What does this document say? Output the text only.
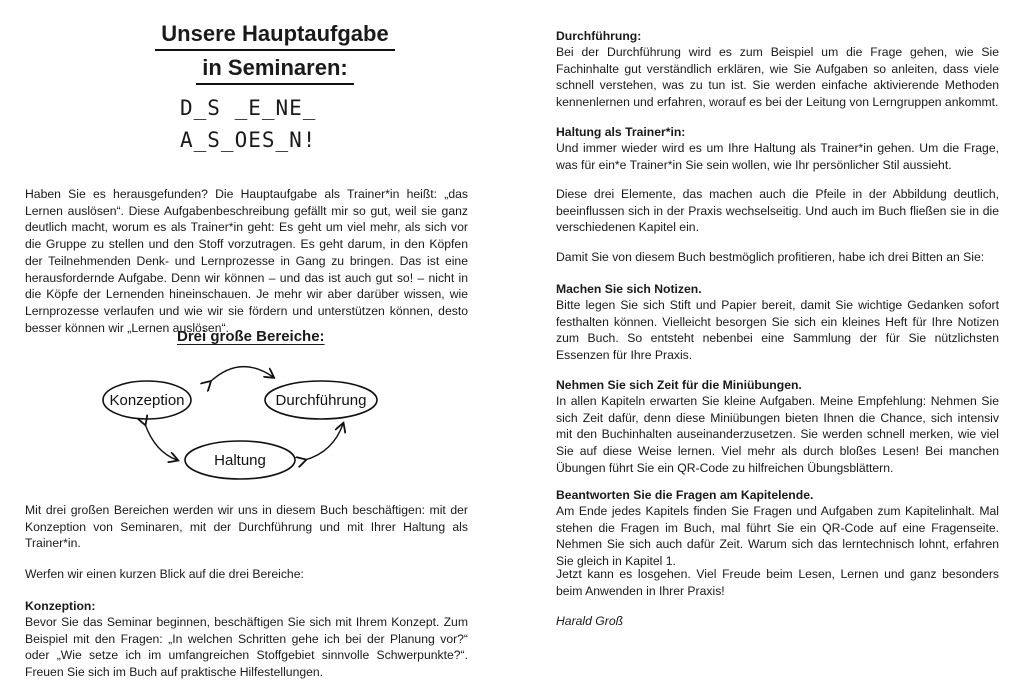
Unsere Hauptaufgabe
in Seminaren:
D_S _E_NE_
A_S_OES_N!

Haben Sie es herausgefunden? Die Hauptaufgabe als Trainer*in heißt: „das Lernen auslösen“. Diese Aufgabenbeschreibung gefällt mir so gut, weil sie ganz deutlich macht, worum es als Trainer*in geht: Es geht um viel mehr, als sich vor die Gruppe zu stellen und den Stoff vorzutragen. Es geht darum, in den Köpfen der Teilnehmenden Denk- und Lernprozesse in Gang zu bringen. Das ist eine herausfordernde Aufgabe. Denn wir können – und das ist auch gut so! – nicht in die Köpfe der Lernenden hineinschauen. Je mehr wir aber darüber wissen, wie Lernprozesse verlaufen und wie wir sie fördern und unterstützen können, desto besser können wir „Lernen auslösen“.

Drei große Bereiche:
Konzeption	Durchführung
Haltung

Mit drei großen Bereichen werden wir uns in diesem Buch beschäftigen: mit der Konzeption von Seminaren, mit der Durchführung und mit Ihrer Haltung als Trainer*in.

Werfen wir einen kurzen Blick auf die drei Bereiche:

Konzeption:

Bevor Sie das Seminar beginnen, beschäftigen Sie sich mit Ihrem Konzept. Zum Beispiel mit den Fragen: „In welchen Schritten gehe ich bei der Planung vor?“ oder „Wie setze ich im umfangreichen Stoffgebiet sinnvolle Schwerpunkte?“. Freuen Sie sich im Buch auf praktische Hilfestellungen.

Durchführung:

Bei der Durchführung wird es zum Beispiel um die Frage gehen, wie Sie Fachinhalte gut verständlich erklären, wie Sie Aufgaben so anleiten, dass viele schnell verstehen, was zu tun ist. Sie werden einfache aktivierende Methoden kennenlernen und erfahren, worauf es bei der Leitung von Lerngruppen ankommt.

Haltung als Trainer*in:

Und immer wieder wird es um Ihre Haltung als Trainer*in gehen. Um die Frage, was für ein*e Trainer*in Sie sein wollen, wie Ihr persönlicher Stil aussieht.

Diese drei Elemente, das machen auch die Pfeile in der Abbildung deutlich, beeinflussen sich in der Praxis wechselseitig. Und auch im Buch fließen sie in die verschiedenen Kapitel ein.

Damit Sie von diesem Buch bestmöglich profitieren, habe ich drei Bitten an Sie:

Machen Sie sich Notizen.

Bitte legen Sie sich Stift und Papier bereit, damit Sie wichtige Gedanken sofort festhalten können. Vielleicht besorgen Sie sich ein kleines Heft für Ihre Notizen zum Buch. So entsteht nebenbei eine Sammlung der für Sie nützlichsten Essenzen für Ihre Praxis.

Nehmen Sie sich Zeit für die Miniübungen.

In allen Kapiteln erwarten Sie kleine Aufgaben. Meine Empfehlung: Nehmen Sie sich Zeit dafür, denn diese Miniübungen bieten Ihnen die Chance, sich intensiv mit den Buchinhalten auseinanderzusetzen. Sie werden schnell merken, wie viel Sie auf diese Weise lernen. Viel mehr als durch bloßes Lesen! Bei manchen Übungen führt Sie ein QR-Code zu hilfreichen Übungsblättern.

Beantworten Sie die Fragen am Kapitelende.

Am Ende jedes Kapitels finden Sie Fragen und Aufgaben zum Kapitelinhalt. Mal stehen die Fragen im Buch, mal führt Sie ein QR-Code auf eine Fragenseite. Nehmen Sie sich auch dafür Zeit. Warum sich das lerntechnisch lohnt, erfahren Sie gleich in Kapitel 1.

Jetzt kann es losgehen. Viel Freude beim Lesen, Lernen und ganz besonders beim Anwenden in Ihrer Praxis!

Harald Groß
